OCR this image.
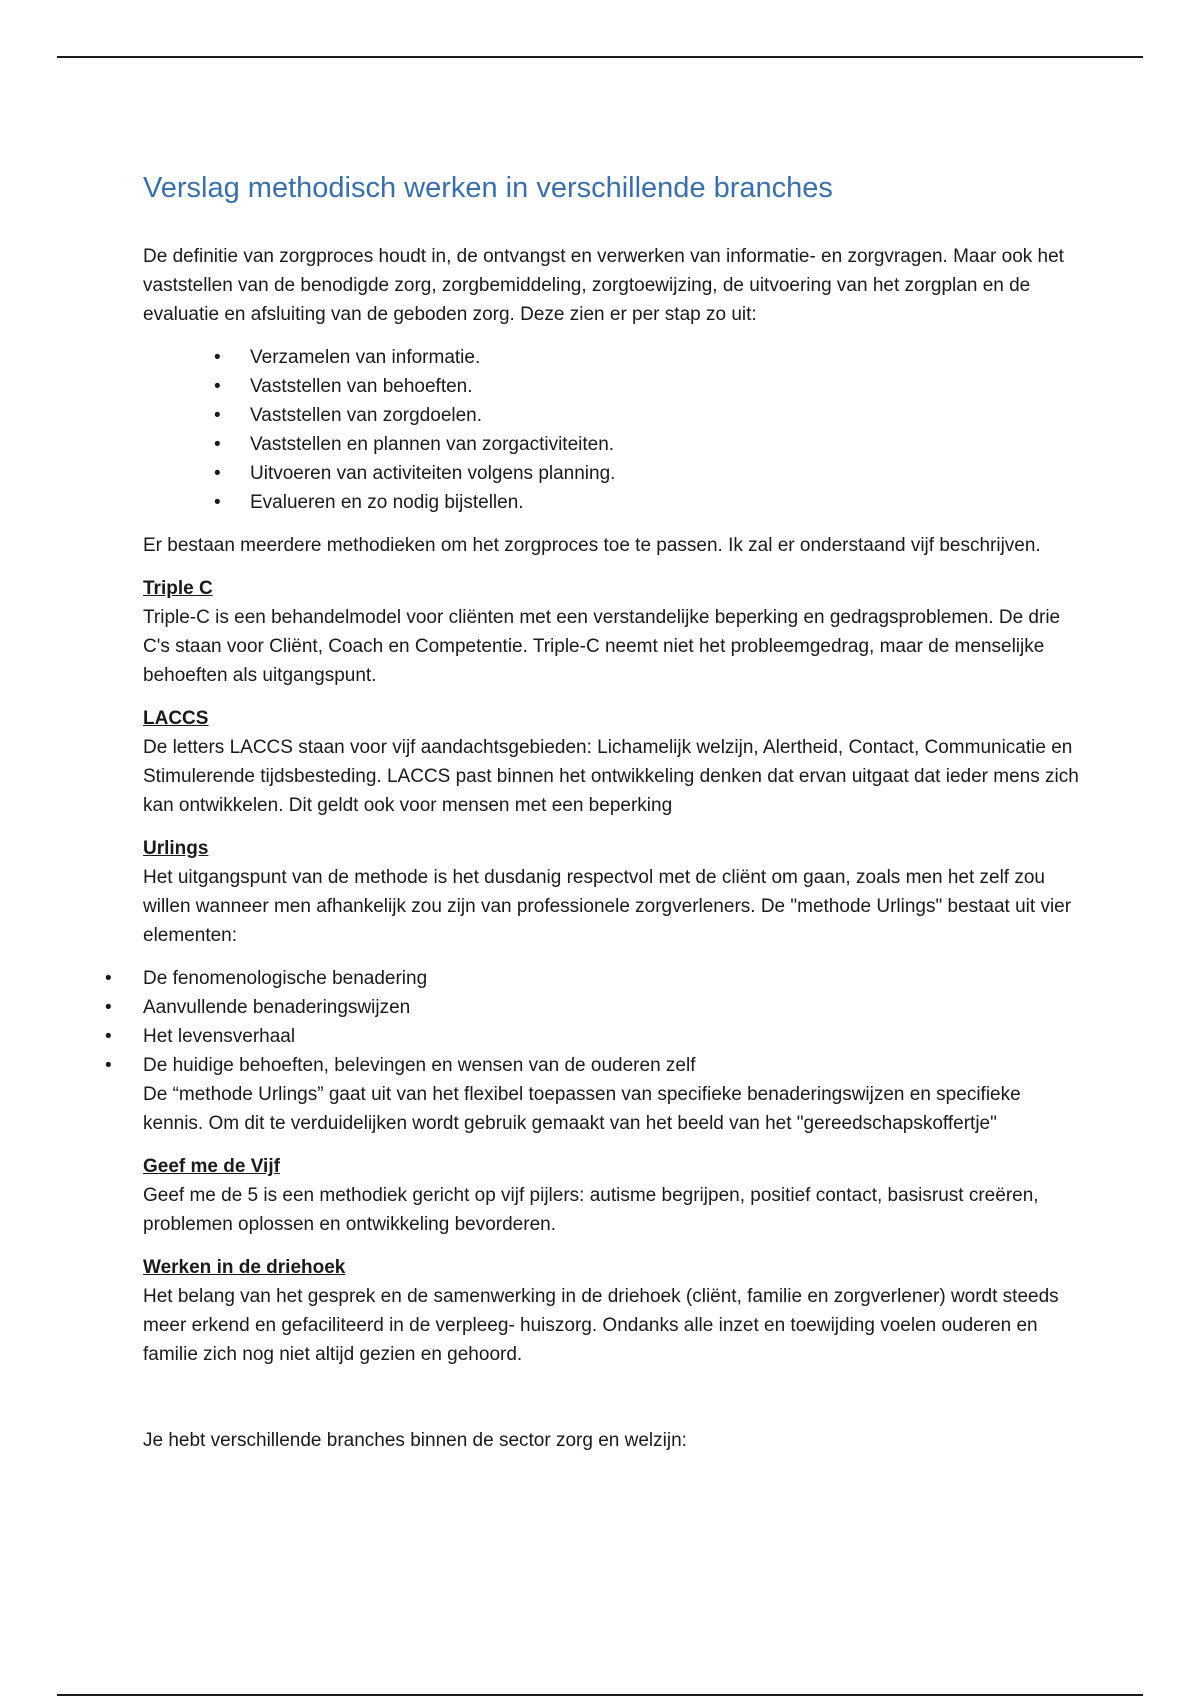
Verslag methodisch werken in verschillende branches

De definitie van zorgproces houdt in, de ontvangst en verwerken van informatie- en zorgvragen. Maar ook het vaststellen van de benodigde zorg, zorgbemiddeling, zorgtoewijzing, de uitvoering van het zorgplan en de evaluatie en afsluiting van de geboden zorg. Deze zien er per stap zo uit:

• Verzamelen van informatie.
• Vaststellen van behoeften.
• Vaststellen van zorgdoelen.
• Vaststellen en plannen van zorgactiviteiten.
• Uitvoeren van activiteiten volgens planning.
• Evalueren en zo nodig bijstellen.

Er bestaan meerdere methodieken om het zorgproces toe te passen. Ik zal er onderstaand vijf beschrijven.

Triple C

Triple-C is een behandelmodel voor cliënten met een verstandelijke beperking en gedragsproblemen. De drie C's staan voor Cliënt, Coach en Competentie. Triple-C neemt niet het probleemgedrag, maar de menselijke behoeften als uitgangspunt.

LACCS

De letters LACCS staan voor vijf aandachtsgebieden: Lichamelijk welzijn, Alertheid, Contact, Communicatie en Stimulerende tijdsbesteding. LACCS past binnen het ontwikkeling denken dat ervan uitgaat dat ieder mens zich kan ontwikkelen. Dit geldt ook voor mensen met een beperking

Urlings

Het uitgangspunt van de methode is het dusdanig respectvol met de cliënt om gaan, zoals men het zelf zou willen wanneer men afhankelijk zou zijn van professionele zorgverleners. De "methode Urlings" bestaat uit vier elementen:

• De fenomenologische benadering
• Aanvullende benaderingswijzen
• Het levensverhaal
• De huidige behoeften, belevingen en wensen van de ouderen zelf

De “methode Urlings” gaat uit van het flexibel toepassen van specifieke benaderingswijzen en specifieke kennis. Om dit te verduidelijken wordt gebruik gemaakt van het beeld van het "gereedschapskoffertje"

Geef me de Vijf

Geef me de 5 is een methodiek gericht op vijf pijlers: autisme begrijpen, positief contact, basisrust creëren, problemen oplossen en ontwikkeling bevorderen.

Werken in de driehoek

Het belang van het gesprek en de samenwerking in de driehoek (cliënt, familie en zorgverlener) wordt steeds meer erkend en gefaciliteerd in de verpleeg- huiszorg. Ondanks alle inzet en toewijding voelen ouderen en familie zich nog niet altijd gezien en gehoord.

Je hebt verschillende branches binnen de sector zorg en welzijn:
